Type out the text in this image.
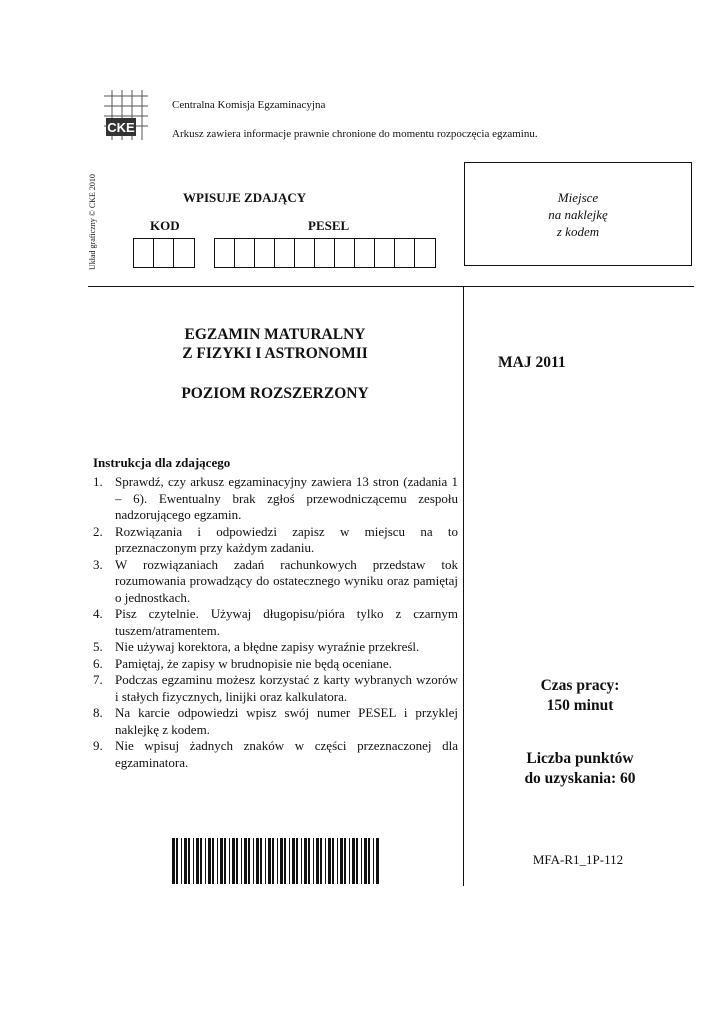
CKE
Centralna Komisja Egzaminacyjna
Arkusz zawiera informacje prawnie chronione do momentu rozpoczęcia egzaminu.
Układ graficzny © CKE 2010	WPISUJE ZDAJĄCY
KOD	PESEL
Miejsce
na naklejkę
z kodem
EGZAMIN MATURALNY
Z FIZYKI I ASTRONOMII
POZIOM ROZSZERZONY
MAJ 2011
Instrukcja dla zdającego
1. Sprawdź, czy arkusz egzaminacyjny zawiera 13 stron (zadania 1 – 6). Ewentualny brak zgłoś przewodniczącemu zespołu nadzorującego egzamin.
2. Rozwiązania i odpowiedzi zapisz w miejscu na to przeznaczonym przy każdym zadaniu.
3. W rozwiązaniach zadań rachunkowych przedstaw tok rozumowania prowadzący do ostatecznego wyniku oraz pamiętaj o jednostkach.
4. Pisz czytelnie. Używaj długopisu/pióra tylko z czarnym tuszem/atramentem.
5. Nie używaj korektora, a błędne zapisy wyraźnie przekreśl.
6. Pamiętaj, że zapisy w brudnopisie nie będą oceniane.
7. Podczas egzaminu możesz korzystać z karty wybranych wzorów i stałych fizycznych, linijki oraz kalkulatora.
8. Na karcie odpowiedzi wpisz swój numer PESEL i przyklej naklejkę z kodem.
9. Nie wpisuj żadnych znaków w części przeznaczonej dla egzaminatora.
Czas pracy:
150 minut
Liczba punktów
do uzyskania: 60
MFA-R1_1P-112
